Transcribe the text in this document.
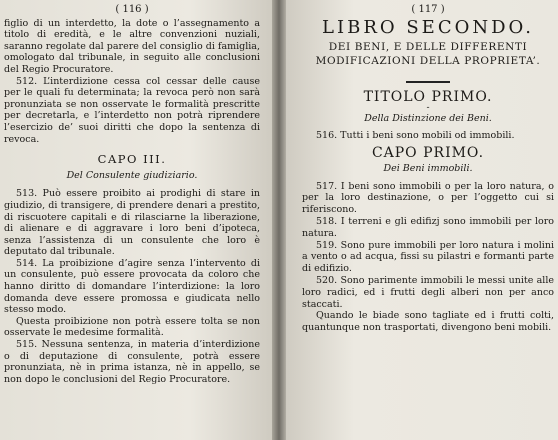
( 116 )

figlio di un interdetto, la dote o l’assegnamento a titolo di eredità, e le altre convenzioni nuziali, saranno regolate dal parere del consiglio di famiglia, omologato dal tribunale, in seguito alle conclusioni del Regio Procuratore.

512. L’interdizione cessa col cessar delle cause per le quali fu determinata; la revoca però non sarà pronunziata se non osservate le formalità prescritte per decretarla, e l’interdetto non potrà riprendere l’esercizio de’ suoi diritti che dopo la sentenza di revoca.

CAPO III.
Del Consulente giudiziario.

513. Può essere proibito ai prodighi di stare in giudizio, di transigere, di prendere denari a prestito, di riscuotere capitali e di rilasciarne la liberazione, di alienare e di aggravare i loro beni d’ipoteca, senza l’assistenza di un consulente che loro è deputato dal tribunale.

514. La proibizione d’agire senza l’intervento di un consulente, può essere provocata da coloro che hanno diritto di domandare l’interdizione: la loro domanda deve essere promossa e giudicata nello stesso modo.

Questa proibizione non potrà essere tolta se non osservate le medesime formalità.

515. Nessuna sentenza, in materia d’interdizione o di deputazione di consulente, potrà essere pronunziata, nè in prima istanza, nè in appello, se non dopo le conclusioni del Regio Procuratore.

( 117 )
LIBRO SECONDO.
DEI BENI, E DELLE DIFFERENTI
MODIFICAZIONI DELLA PROPRIETA’.
TITOLO PRIMO.
-
Della Distinzione dei Beni.

516. Tutti i beni sono mobili od immobili.

CAPO PRIMO.
Dei Beni immobili.

517. I beni sono immobili o per la loro natura, o per la loro destinazione, o per l’oggetto cui si riferiscono.

518. I terreni e gli edifizj sono immobili per loro natura.

519. Sono pure immobili per loro natura i molini a vento o ad acqua, fissi su pilastri e formanti parte di edifizio.

520. Sono parimente immobili le messi unite alle loro radici, ed i frutti degli alberi non per anco staccati.

Quando le biade sono tagliate ed i frutti colti, quantunque non trasportati, divengono beni mobili.
